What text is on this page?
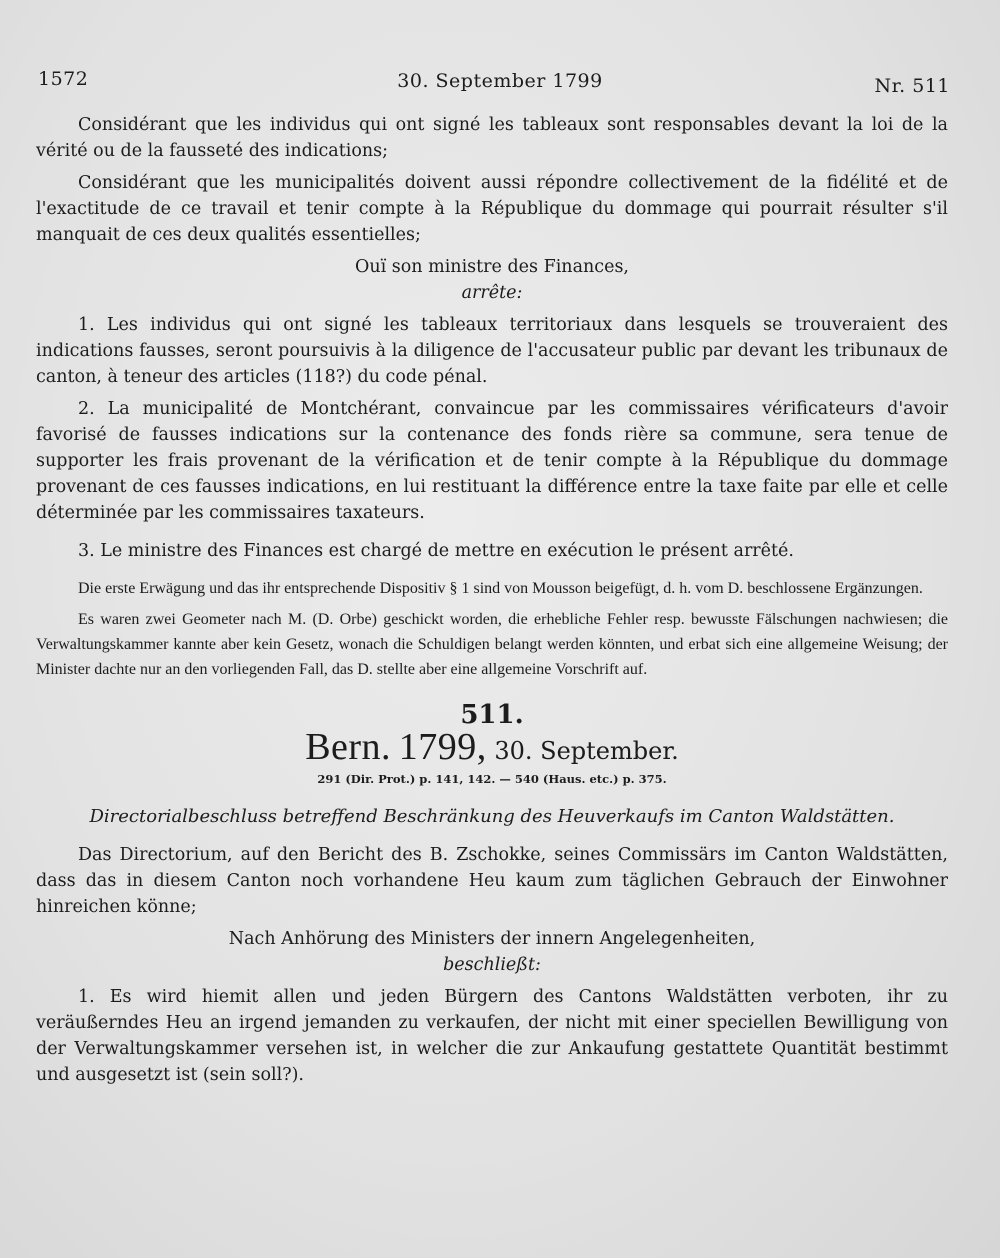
1572	30. September 1799	Nr. 511

Considérant que les individus qui ont signé les tableaux sont responsables devant la loi de la vérité ou de la fausseté des indications;

Considérant que les municipalités doivent aussi répondre collectivement de la fidélité et de l'exactitude de ce travail et tenir compte à la République du dommage qui pourrait résulter s'il manquait de ces deux qualités essentielles;

Ouï son ministre des Finances,

arrête:

1. Les individus qui ont signé les tableaux territoriaux dans lesquels se trouveraient des indications fausses, seront poursuivis à la diligence de l'accusateur public par devant les tribunaux de canton, à teneur des articles (118?) du code pénal.

2. La municipalité de Montchérant, convaincue par les commissaires vérificateurs d'avoir favorisé de fausses indications sur la contenance des fonds rière sa commune, sera tenue de supporter les frais provenant de la vérification et de tenir compte à la République du dommage provenant de ces fausses indications, en lui restituant la différence entre la taxe faite par elle et celle déterminée par les commissaires taxateurs.

3. Le ministre des Finances est chargé de mettre en exécution le présent arrêté.

Die erste Erwägung und das ihr entsprechende Dispositiv § 1 sind von Mousson beigefügt, d. h. vom D. beschlossene Ergänzungen.

Es waren zwei Geometer nach M. (D. Orbe) geschickt worden, die erhebliche Fehler resp. bewusste Fälschungen nachwiesen; die Verwaltungskammer kannte aber kein Gesetz, wonach die Schuldigen belangt werden könnten, und erbat sich eine allgemeine Weisung; der Minister dachte nur an den vorliegenden Fall, das D. stellte aber eine allgemeine Vorschrift auf.

511.

Bern. 1799, 30. September.

291 (Dir. Prot.) p. 141, 142. — 540 (Haus. etc.) p. 375.

Directorialbeschluss betreffend Beschränkung des Heuverkaufs im Canton Waldstätten.

Das Directorium, auf den Bericht des B. Zschokke, seines Commissärs im Canton Waldstätten, dass das in diesem Canton noch vorhandene Heu kaum zum täglichen Gebrauch der Einwohner hinreichen könne;

Nach Anhörung des Ministers der innern Angelegenheiten,

beschließt:

1. Es wird hiemit allen und jeden Bürgern des Cantons Waldstätten verboten, ihr zu veräußerndes Heu an irgend jemanden zu verkaufen, der nicht mit einer speciellen Bewilligung von der Verwaltungskammer versehen ist, in welcher die zur Ankaufung gestattete Quantität bestimmt und ausgesetzt ist (sein soll?).
